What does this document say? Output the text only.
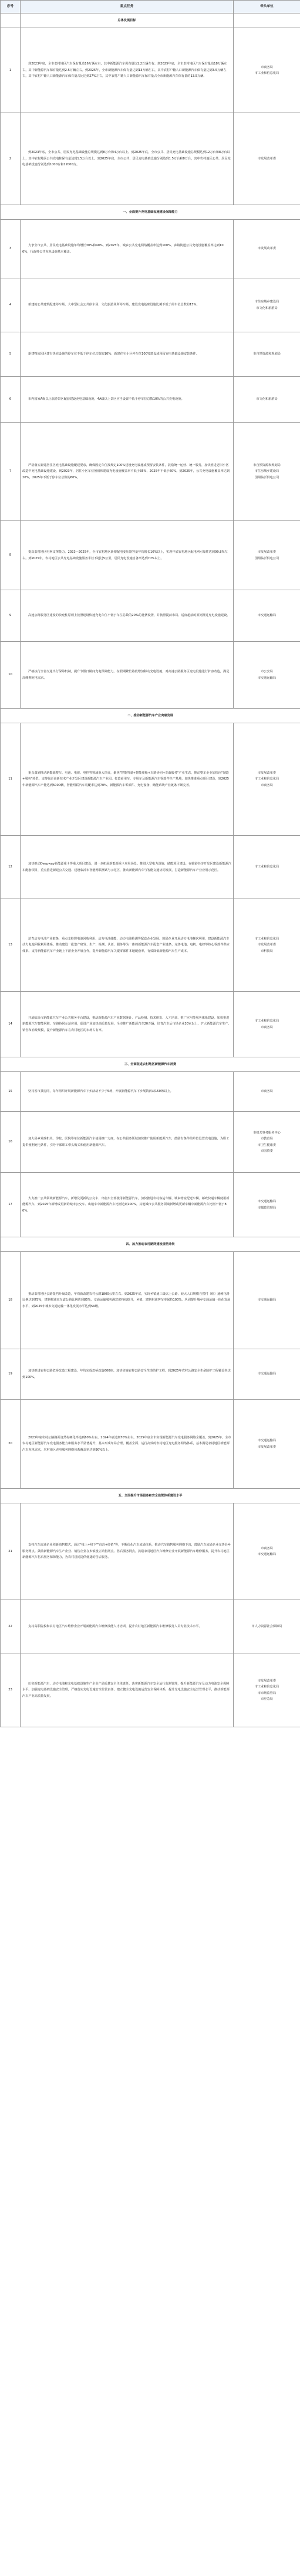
序号	重点任务	牵头单位
	总体发展目标	
1	到2023年底，全市农村地区汽车保有量达16万辆左右，其中新能源汽车保有量达1.2万辆左右；到2025年底，全市农村地区汽车保有量达18万辆左右，其中新能源汽车保有量达到2.5万辆左右。到2025年，全市新能源汽车保有量达到13万辆左右，其中农村户籍人口新能源汽车保有量达到3.5万辆左右，其中农村户籍人口新能源汽车保有量占比达到27%左右，其中农村户籍人口新能源汽车保有量占全市新能源汽车保有量的13.5万辆。	市商务局
市工业和信息化局

2	到2023年底，全市公共、居民充电基础设施总规模达到8万台和4万台以上。到2025年底，全市公共、居民充电基础设施总规模达到12万台和8万台以上，其中农村地区公共充电桩保有量达到1.5万台以上。到2025年底，全市公共、居民充电基础设施分别达到1.5万台和8万台，其中农村地区公共、居民充电基础设施分别达到1000台和12000台。	市发展改革委

一、全面提升充电基础设施建设保障能力		
3	力争全市公共、居民充电基础设施年均增长30%和40%。到2025年，城乡公共充电网络覆盖率达到100%，乡镇街道公共充电设施覆盖率达到100%，行政村公共充电设施基本覆盖。	市发展改革委

4	新建的公共建筑配建停车场、大中型社会公共停车场、文化旅游场所停车场，建设充电基础设施比例不低于停车位总数的15%。	市住房城乡建设局
市文化和旅游局

5	新建物流园区建有快充设施的停车位不低于停车位总数的10%；新建住宅小区停车位100%建设或预留充电基础设施安装条件。	市自然资源和规划局

6	市内国家A级以上旅游景区配套建设充电基础设施，4A级以上景区应当设置不低于停车位总数10%的公共充电设施。	市文化和旅游局

7	严格落实新建居住区充电基础设施配建要求，确保固定车位按规定100%建设充电设施或预留安装条件，鼓励统一运营、统一服务，加快推进老旧小区改造中充电基础设施建设，到2023年，居住小区车位预留和建设充电设施覆盖率不低于35%，2025年不低于60%。到2025年，公共充电设施覆盖率达到20%，2025年不低于停车位总数的60%。	市自然资源和规划局
市住房城乡建设局
国网临沂供电公司

8	提高农村地区电网支撑能力，2023—2025年，全市农村地区新增配电变压器容量年均增长16%以上，实现年底农村地区配电网可靠性达到99.8%左右。到2025年，农村地区公共充电基础设施服务半径不超过5公里，居民充电设施自备率达到70%以上。	市发展改革委
国网临沂供电公司

9	高速公路服务区建设的快充桩原则上按照建设快速充电车位不低于车位总数的20%的比例设置，并按照提前布局、适度超前的原则推进充电设施建设。	市交通运输局

10	严格执行全省交通出行保障机制，提升节假日期间充电保障能力。在假期繁忙路段增加移动充电设施，对高速公路服务区充电设施进行扩容改造，满足高峰期充电需求。	市公安局
市交通运输局

二、推动新能源汽车产业突破发展		
11	重点谋划推动新能源整车、电池、电驱、电控等领域重大项目，聚焦"智能驾驶+智能座舱+车路协同+车载服务"产业生态，推动整车企业加快向"制造+服务"转型。支持临沂高新技术产业开发区建设新能源汽车产业园。打造商用车、专用车及新能源汽车零部件生产基地，加快推进重点项目建设，到2025年新能源汽车产能达到5000辆，智能网联汽车装配率达到70%，新能源汽车零部件、充电设备、储能系统产业链条不断完善。	市发展改革委
市工业和信息化局
市商务局

12	加快推动Deepway新能源重卡等重大项目建设，进一步拓展新能源重卡应用场景。推进大型电力设施、储能项目建设，在临港经济开发区建设新能源汽车配套项目，重点推进新建公共交通、建设临沂市智能网联测试与示范区，推动新能源汽车与智能交通协同发展，打造新能源汽车产业应用示范区。	市工业和信息化局

13	培育动力电池产业链条，重点支持锂电池回收利用、动力电池储能、动力电池检测等配套企业发展。鼓励企业开展动力电池梯次利用，建设新能源汽车动力电池回收利用体系。推动建设一批集产研发、生产、检测、认证、服务等为一体的新能源汽车配套产业链条，完善电池、电机、电控等核心零部件供应体系。支持新能源汽车产业链上下游企业开展合作，提升新能源汽车关键零部件本地配套率，有效降低新能源汽车生产成本。	市工业和信息化局
市发展改革委
市科技局

14	开展临沂市新能源汽车产业公共服务平台建设，推动新能源汽车产业数据统计、产品检测、技术研发、人才培训、推广应用等服务体系建设。加快推进新能源汽车智能网联、车路协同示范应用，促进产业加快高质量发展，全市推广新能源汽车20万辆，培育汽车后市场企业30家以上，扩大新能源汽车生产、销售和消费规模，提升新能源汽车在农村地区的市场占有率。	市工业和信息化局
市商务局

三、全面促进农村地区新能源汽车消费		
15	坚持省市县协同，每年组织开展新能源汽车下乡活动不少于5场，开展新能源汽车下乡展销活动150场以上。	市商务局

16	加大县乡党政机关、学校、医院等单位新能源汽车使用推广力度，在公共服务领域加快推广使用新能源汽车，鼓励有条件的单位设置充电设施，为职工提供便利充电条件，引导干部职工带头购买和使用新能源汽车。	市机关事务服务中心
市教育局
市卫生健康委
市国资委

17	大力推广公共领域新能源汽车，新增及更新的公交车、出租车全部使用新能源汽车，加快推进农村客运车辆、城乡物流配送车辆、邮政快递车辆使用新能源汽车，到2025年新增或更新的城市公交车、出租车中新能源汽车比例达到100%，其他城市公共服务领域新增或更新车辆中新能源汽车比例不低于80%。	市交通运输局
市邮政管理局

四、加力推动农村路网建设提档升级		
18	推动农村地区公路提档升级改造，年均新改建农村公路1800公里左右。到2025年底，实现乡镇通三级以上公路、较大人口规模自然村（组）通硬化路比例达到75%，建制村通双车道公路比例达到85%，交通运输服务满意度持续提升，乡镇、建制村通客车率保持100%。巩固提升城乡交通运输一体化发展水平，到2025年城乡交通运输一体化发展水平达到5A级。	市交通运输局

19	加快推进农村公路危桥改造工程建设，年均完成危桥改造600座。加快实施农村公路安全生命防护工程，到2025年农村公路安全生命防护工程覆盖率达到100%。	市交通运输局

20	2023年底农村公路路面自然村硬化率达到60%左右，2024年底达到70%左右，2025年底全市实现新能源汽车充电服务网络全覆盖。到2025年，全市农村地区新能源汽车充电服务能力和服务水平显著提升，基本形成布局合理、覆盖全面、运行高效的农村地区充电服务网络体系，基本满足农村地区新能源汽车充电需求，农村地区充电服务网络体系覆盖率达到90%以上。	市交通运输局
市发展改革委

五、全面提升市场服务和安全监管体系建设水平		
21	支持汽车流通企业创新销售模式，通过"线上+线下""直营+经销"等，不断优化汽车流通体系，推动汽车销售服务网络下沉，鼓励汽车流通企业完善县乡服务网点。鼓励新能源汽车生产企业、销售企业在乡镇设立销售网点、售后服务网点，鼓励农村地区汽车维修企业开展新能源汽车维修服务，提升农村地区新能源汽车售后服务保障能力，为农村居民提供便捷的售后服务。	市商务局
市交通运输局

22	支持高职院校和农村地区汽车维修企业开展新能源汽车维修技能人才培训，提升农村地区新能源汽车维修服务人员专业技术水平。	市人力资源社会保障局

23	压实新能源汽车、动力电池和充电基础设施生产企业产品质量安全主体责任，落实新能源汽车安全运行监测管理，提升新能源汽车及动力电池安全保障水平。加强充电基础设施安全管理，严格落实充电设施安全监管责任，建立健全充电设施运营安全保障体系，提升充电设施安全运营管理水平，推动新能源汽车产业高质量发展。	市发展改革委
市工业和信息化局
市市场监管局
市应急局
